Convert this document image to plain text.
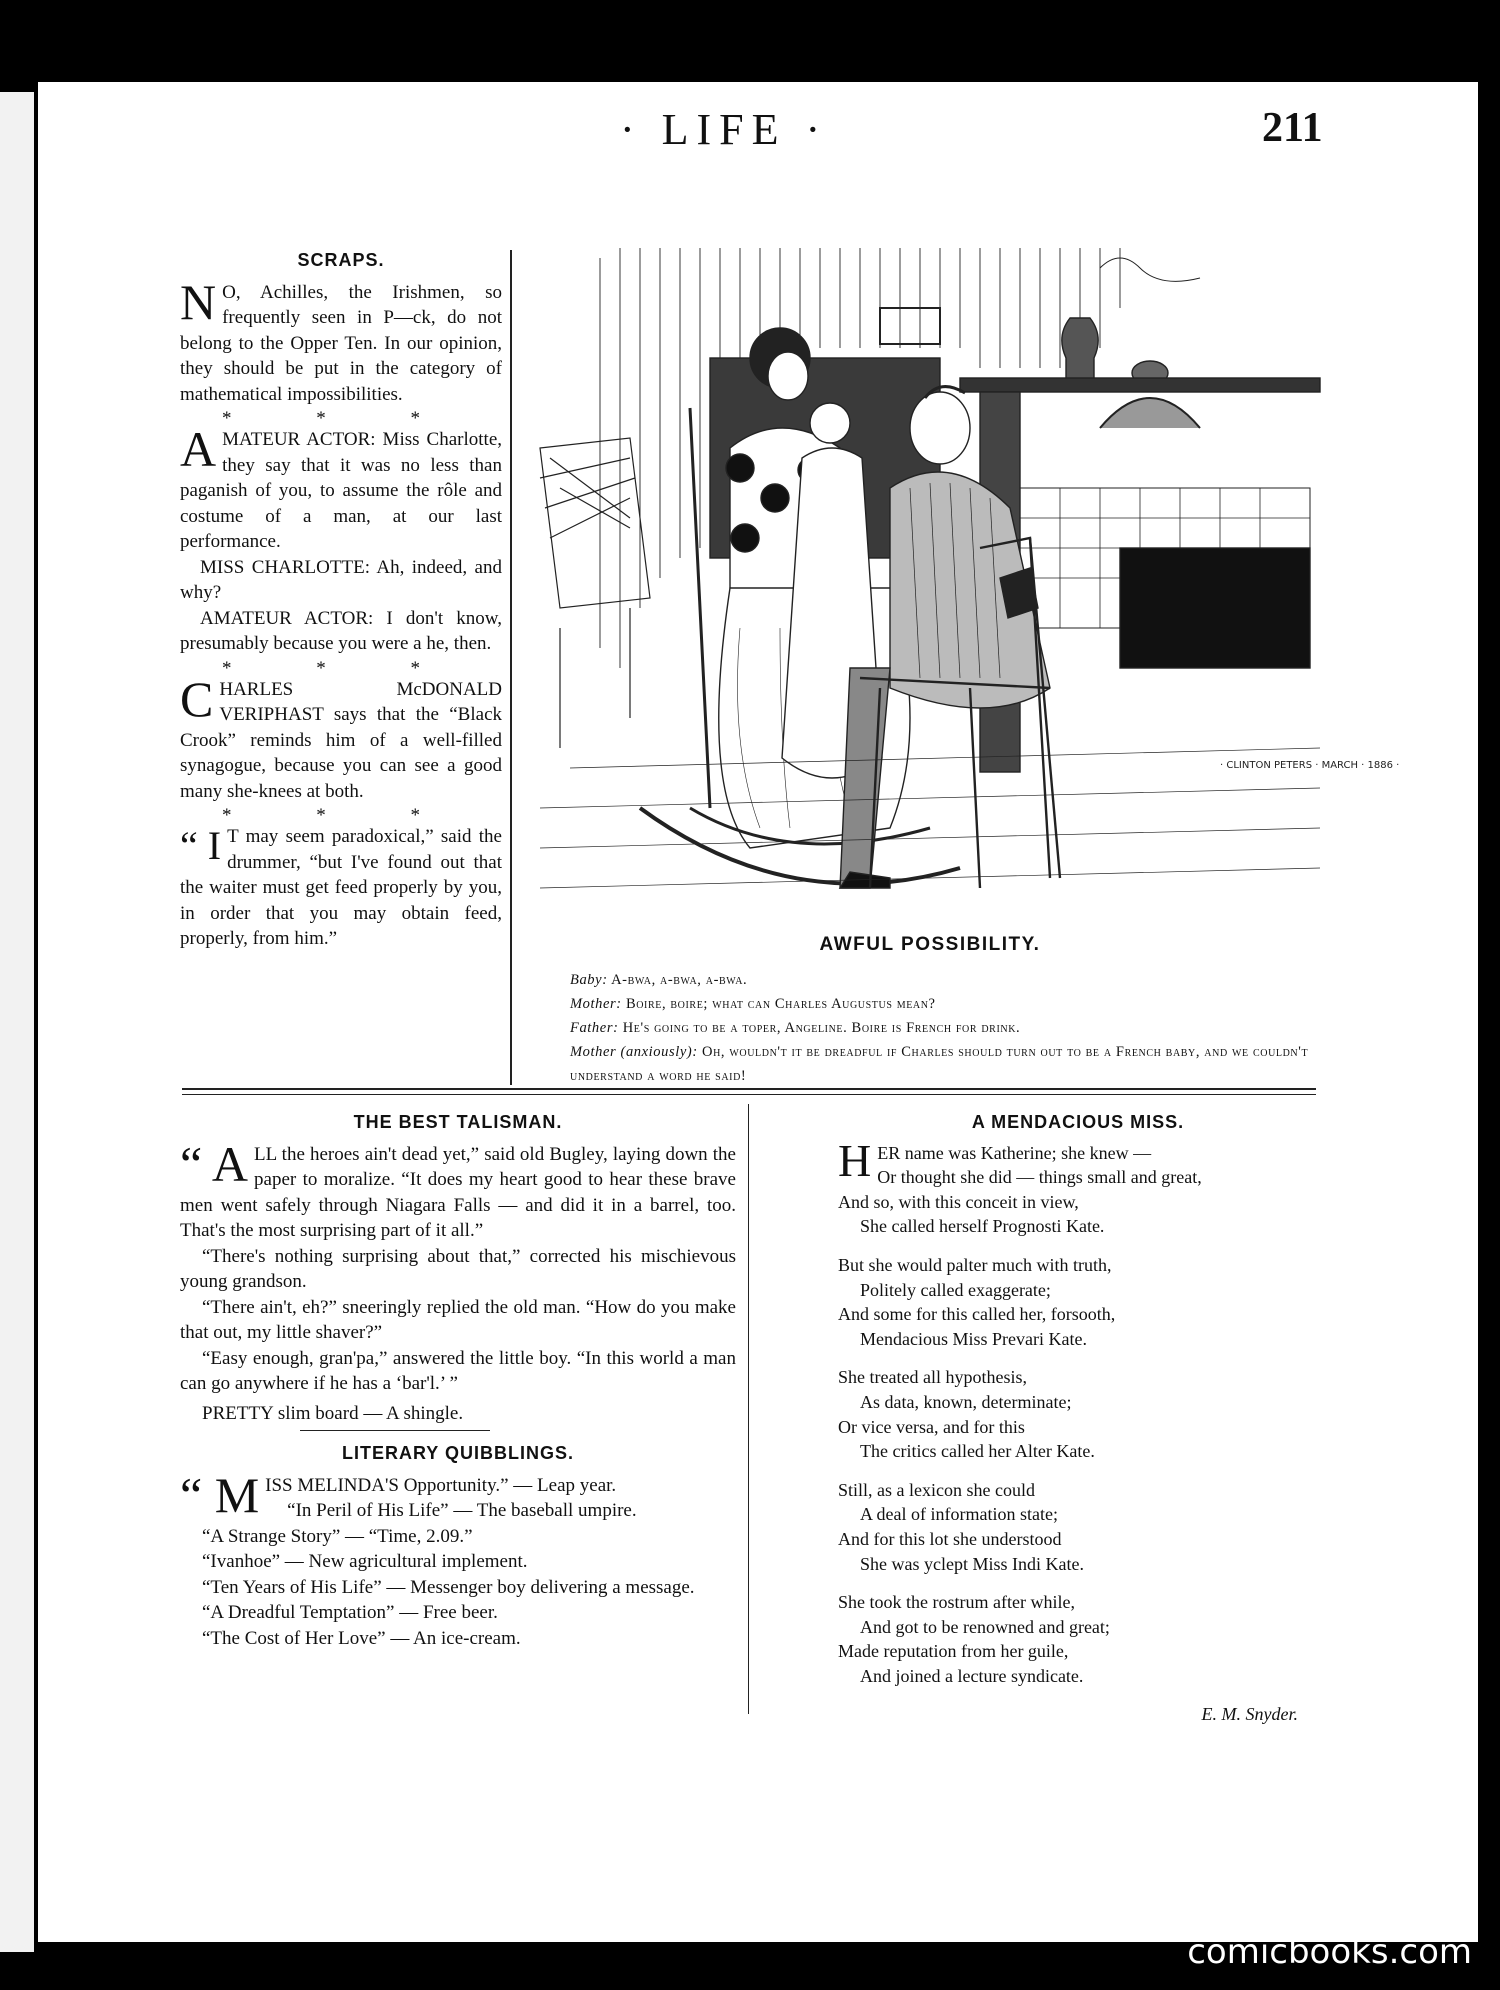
· LIFE ·	211
SCRAPS.

N O, Achilles, the Irishmen, so frequently seen in P—ck, do not belong to the Opper Ten. In our opinion, they should be put in the category of mathematical impossibilities.

* * *

AMATEUR ACTOR: Miss Charlotte, they say that it was no less than paganish of you, to assume the rôle and costume of a man, at our last performance.

MISS CHARLOTTE: Ah, indeed, and why?

AMATEUR ACTOR: I don't know, presumably because you were a he, then.

* * *

CHARLES McDONALD VERIPHAST says that the “Black Crook” reminds him of a well-filled synagogue, because you can see a good many she-knees at both.

* * *

“ I T may seem paradoxical,” said the drummer, “but I've found out that the waiter must get feed properly by you, in order that you may obtain feed, properly, from him.”

· CLINTON PETERS · MARCH · 1886 ·
AWFUL POSSIBILITY.
Baby: A-bwa, a-bwa, a-bwa.
Mother: Boire, boire; what can Charles Augustus mean?
Father: He's going to be a toper, Angeline. Boire is French for drink.
Mother (anxiously): Oh, wouldn't it be dreadful if Charles should turn out to be a French baby, and we couldn't understand a word he said!
THE BEST TALISMAN.

“ A LL the heroes ain't dead yet,” said old Bugley, laying down the paper to moralize. “It does my heart good to hear these brave men went safely through Niagara Falls — and did it in a barrel, too. That's the most surprising part of it all.”

“There's nothing surprising about that,” corrected his mischievous young grandson.

“There ain't, eh?” sneeringly replied the old man. “How do you make that out, my little shaver?”

“Easy enough, gran'pa,” answered the little boy. “In this world a man can go anywhere if he has a ‘bar'l.’ ”

PRETTY slim board — A shingle.

LITERARY QUIBBLINGS.

“ M ISS MELINDA'S Opportunity.” — Leap year.

“In Peril of His Life” — The baseball umpire.

“A Strange Story” — “Time, 2.09.”

“Ivanhoe” — New agricultural implement.

“Ten Years of His Life” — Messenger boy delivering a message.

“A Dreadful Temptation” — Free beer.

“The Cost of Her Love” — An ice-cream.

A MENDACIOUS MISS.
HER name was Katherine; she knew —
Or thought she did — things small and great,
And so, with this conceit in view,
She called herself Prognosti Kate.
But she would palter much with truth,
Politely called exaggerate;
And some for this called her, forsooth,
Mendacious Miss Prevari Kate.
She treated all hypothesis,
As data, known, determinate;
Or vice versa, and for this
The critics called her Alter Kate.
Still, as a lexicon she could
A deal of information state;
And for this lot she understood
She was yclept Miss Indi Kate.
She took the rostrum after while,
And got to be renowned and great;
Made reputation from her guile,
And joined a lecture syndicate.
E. M. Snyder.
comicbooks.com
